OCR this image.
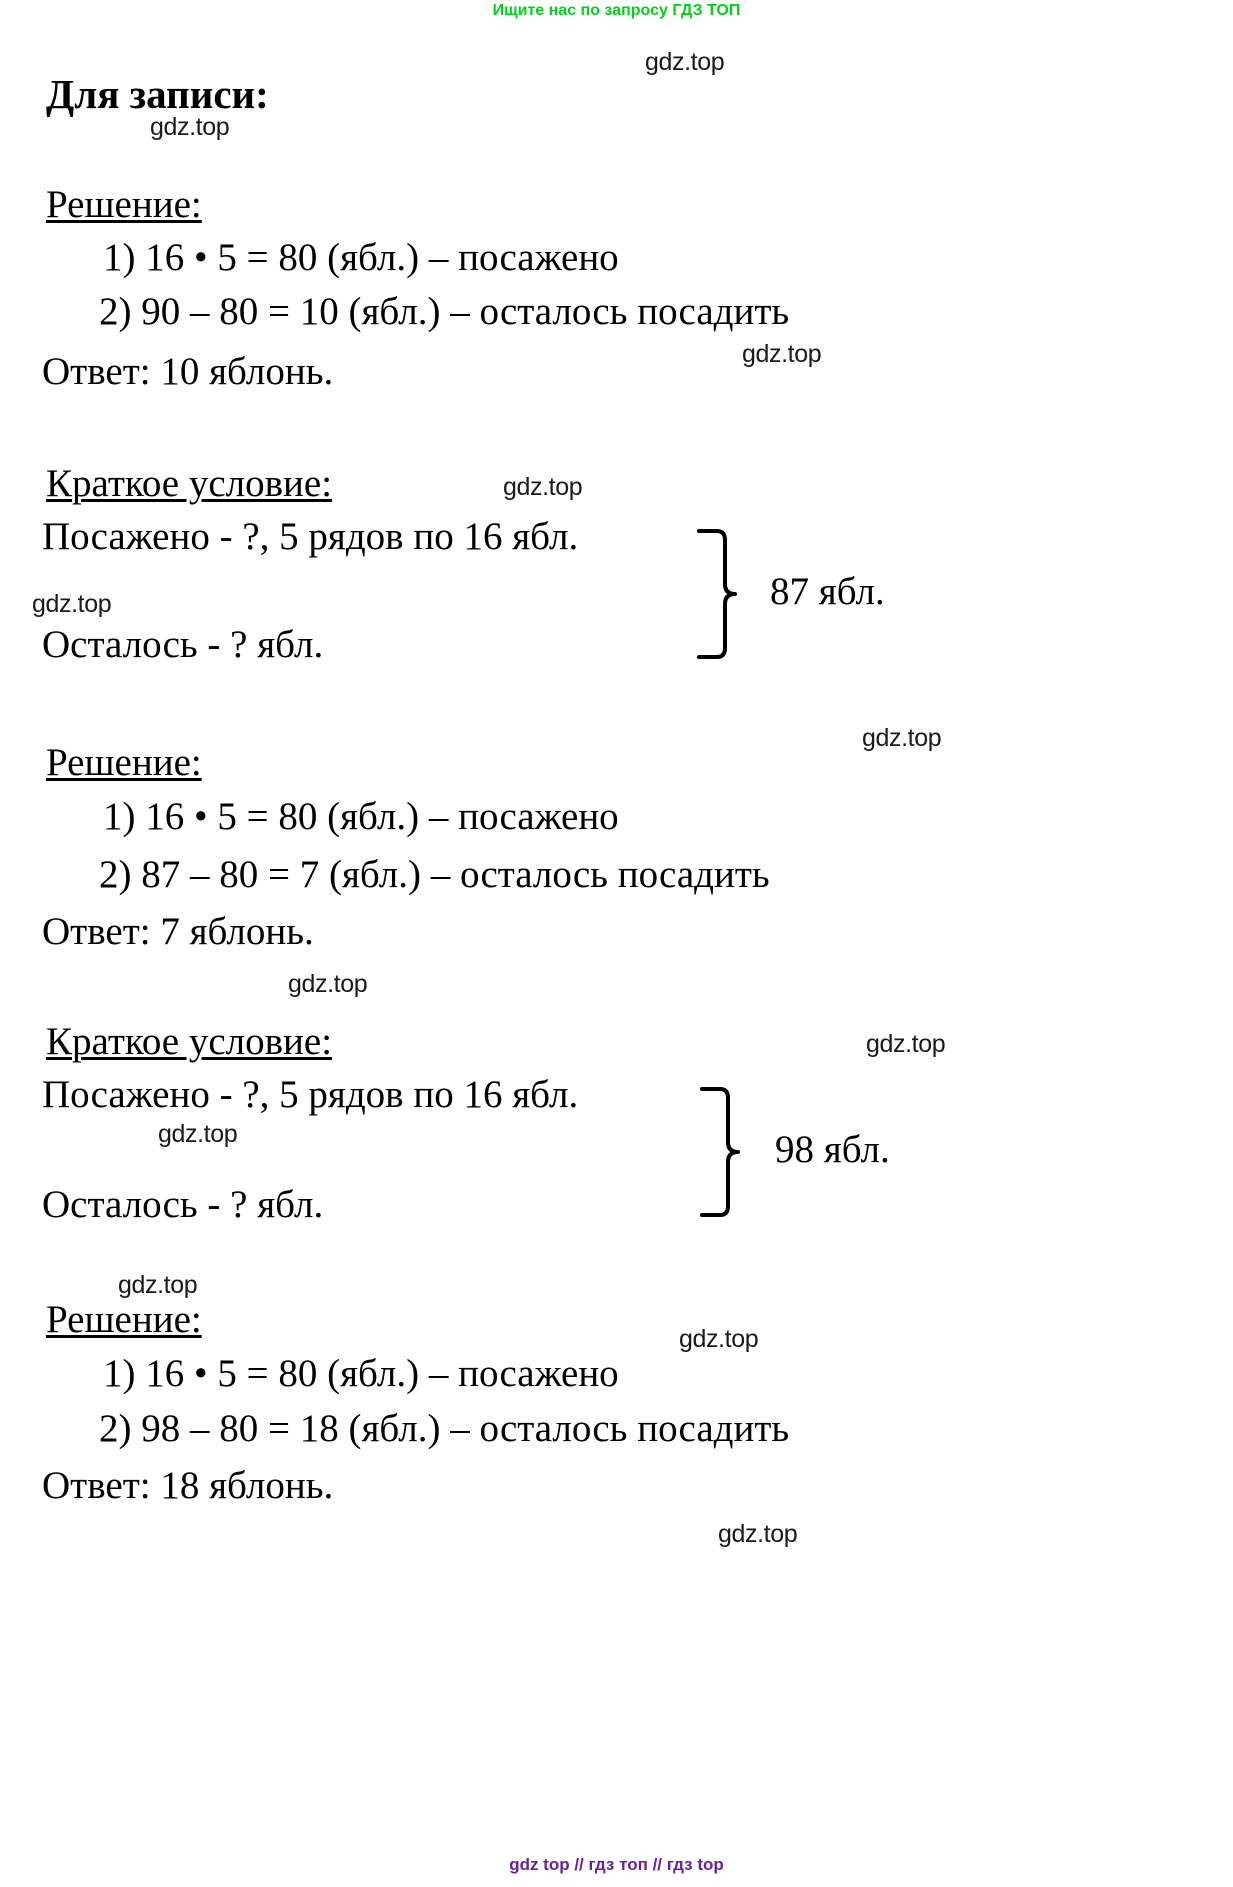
Ищите нас по запросу ГДЗ ТОП
gdz.top
Для записи:
gdz.top
Решение:
1) 16 • 5 = 80 (ябл.) – посажено
2) 90 – 80 = 10 (ябл.) – осталось посадить
gdz.top
Ответ: 10 яблонь.
Краткое условие:	gdz.top
Посажено - ?, 5 рядов по 16 ябл.
gdz.top
Осталось - ? ябл.
87 ябл.
gdz.top
Решение:
1) 16 • 5 = 80 (ябл.) – посажено
2) 87 – 80 = 7 (ябл.) – осталось посадить
Ответ: 7 яблонь.
gdz.top
Краткое условие:	gdz.top
Посажено - ?, 5 рядов по 16 ябл.
gdz.top
Осталось - ? ябл.
98 ябл.
gdz.top
Решение:	gdz.top
1) 16 • 5 = 80 (ябл.) – посажено
2) 98 – 80 = 18 (ябл.) – осталось посадить
Ответ: 18 яблонь.
gdz.top
gdz top // гдз топ // гдз top
